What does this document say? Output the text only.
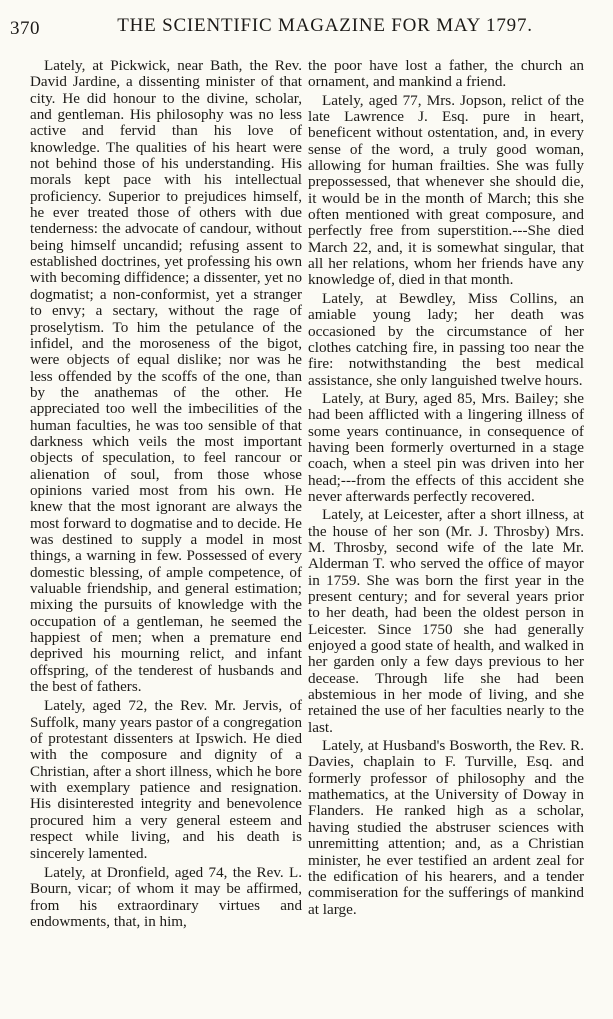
370	THE SCIENTIFIC MAGAZINE FOR MAY 1797.

Lately, at Pickwick, near Bath, the Rev. David Jardine, a dissenting minister of that city. He did honour to the divine, scholar, and gentleman. His philosophy was no less active and fervid than his love of knowledge. The qualities of his heart were not behind those of his understanding. His morals kept pace with his intellectual proficiency. Superior to prejudices himself, he ever treated those of others with due tenderness: the advocate of candour, without being himself uncandid; refusing assent to established doctrines, yet professing his own with becoming diffidence; a dissenter, yet no dogmatist; a non-conformist, yet a stranger to envy; a sectary, without the rage of proselytism. To him the petulance of the infidel, and the moroseness of the bigot, were objects of equal dislike; nor was he less offended by the scoffs of the one, than by the anathemas of the other. He appreciated too well the imbecilities of the human faculties, he was too sensible of that darkness which veils the most important objects of speculation, to feel rancour or alienation of soul, from those whose opinions varied most from his own. He knew that the most ignorant are always the most forward to dogmatise and to decide. He was destined to supply a model in most things, a warning in few. Possessed of every domestic blessing, of ample competence, of valuable friendship, and general estimation; mixing the pursuits of knowledge with the occupation of a gentleman, he seemed the happiest of men; when a premature end deprived his mourning relict, and infant offspring, of the tenderest of husbands and the best of fathers.

Lately, aged 72, the Rev. Mr. Jervis, of Suffolk, many years pastor of a congregation of protestant dissenters at Ipswich. He died with the composure and dignity of a Christian, after a short illness, which he bore with exemplary patience and resignation. His disinterested integrity and benevolence procured him a very general esteem and respect while living, and his death is sincerely lamented.

Lately, at Dronfield, aged 74, the Rev. L. Bourn, vicar; of whom it may be affirmed, from his extraordinary virtues and endowments, that, in him,

the poor have lost a father, the church an ornament, and mankind a friend.

Lately, aged 77, Mrs. Jopson, relict of the late Lawrence J. Esq. pure in heart, beneficent without ostentation, and, in every sense of the word, a truly good woman, allowing for human frailties. She was fully prepossessed, that whenever she should die, it would be in the month of March; this she often mentioned with great composure, and perfectly free from superstition.---She died March 22, and, it is somewhat singular, that all her relations, whom her friends have any knowledge of, died in that month.

Lately, at Bewdley, Miss Collins, an amiable young lady; her death was occasioned by the circumstance of her clothes catching fire, in passing too near the fire: notwithstanding the best medical assistance, she only languished twelve hours.

Lately, at Bury, aged 85, Mrs. Bailey; she had been afflicted with a lingering illness of some years continuance, in consequence of having been formerly overturned in a stage coach, when a steel pin was driven into her head;---from the effects of this accident she never afterwards perfectly recovered.

Lately, at Leicester, after a short illness, at the house of her son (Mr. J. Throsby) Mrs. M. Throsby, second wife of the late Mr. Alderman T. who served the office of mayor in 1759. She was born the first year in the present century; and for several years prior to her death, had been the oldest person in Leicester. Since 1750 she had generally enjoyed a good state of health, and walked in her garden only a few days previous to her decease. Through life she had been abstemious in her mode of living, and she retained the use of her faculties nearly to the last.

Lately, at Husband's Bosworth, the Rev. R. Davies, chaplain to F. Turville, Esq. and formerly professor of philosophy and the mathematics, at the University of Doway in Flanders. He ranked high as a scholar, having studied the abstruser sciences with unremitting attention; and, as a Christian minister, he ever testified an ardent zeal for the edification of his hearers, and a tender commiseration for the sufferings of mankind at large.
